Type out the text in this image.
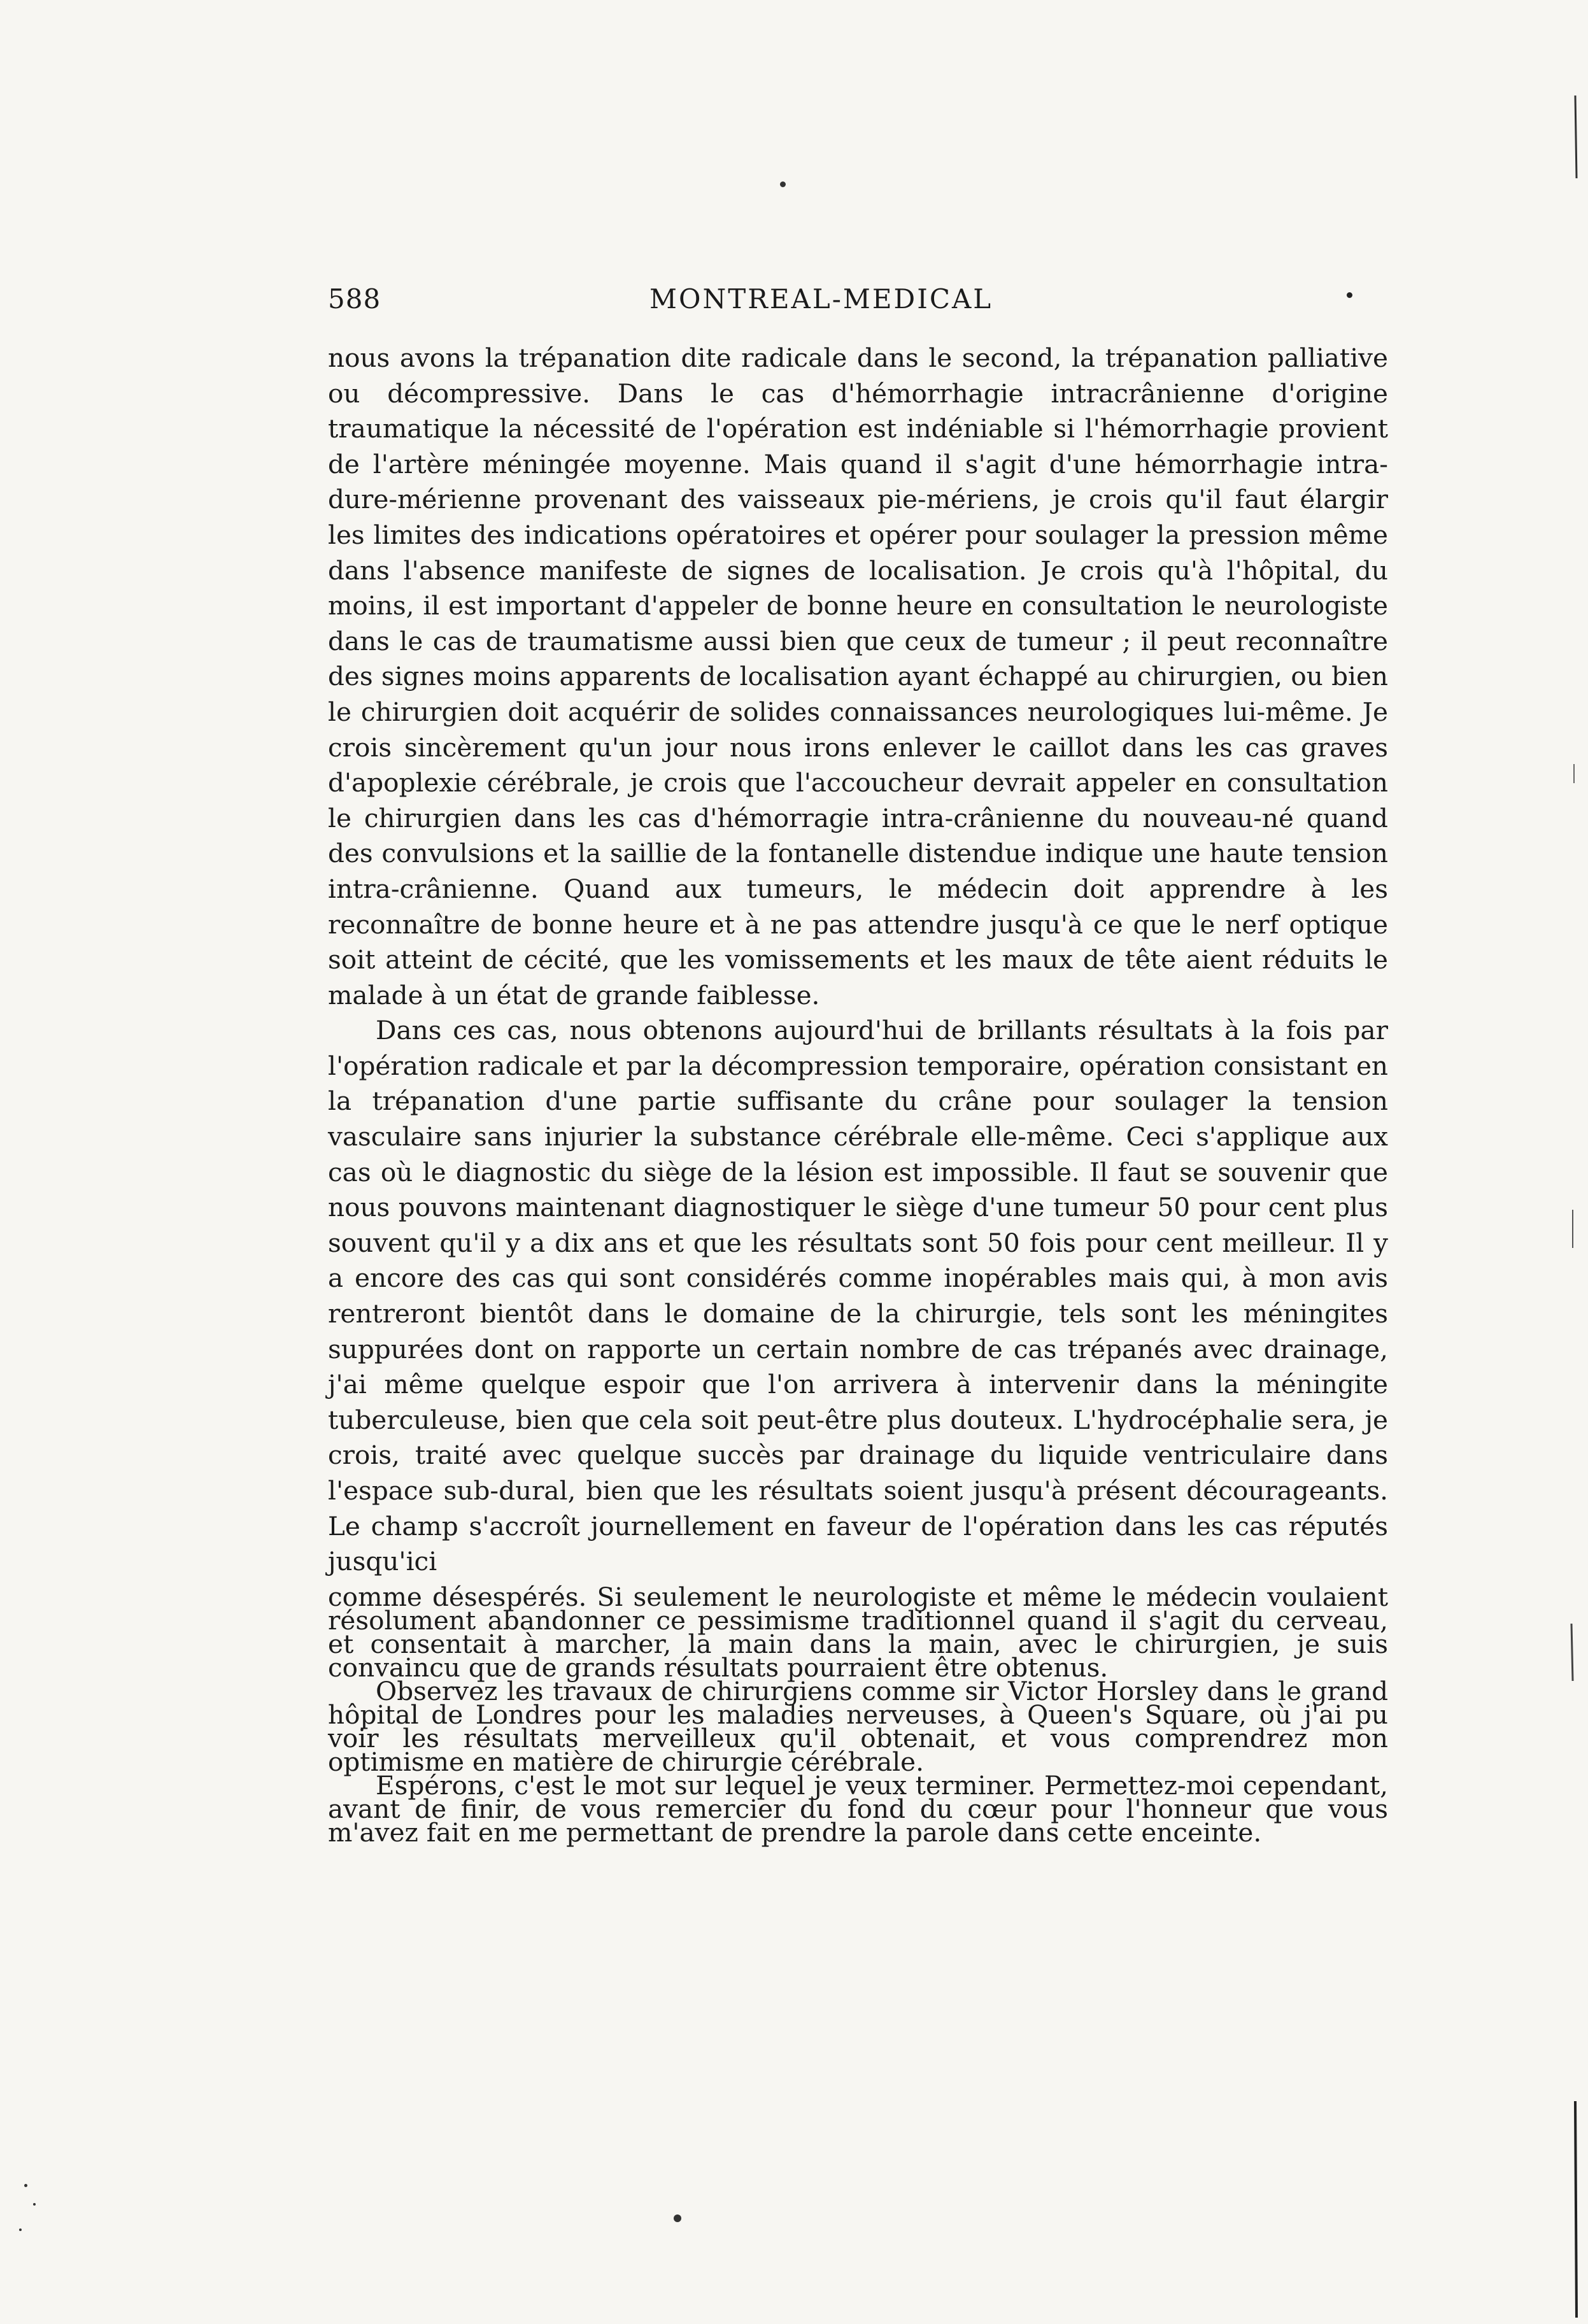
588	MONTREAL-MEDICAL

nous avons la trépanation dite radicale dans le second, la trépanation palliative ou décompressive. Dans le cas d'hémorrhagie intracrânienne d'origine traumatique la nécessité de l'opération est indéniable si l'hémorrhagie provient de l'artère méningée moyenne. Mais quand il s'agit d'une hémorrhagie intra-dure-mérienne provenant des vaisseaux pie-mériens, je crois qu'il faut élargir les limites des indications opératoires et opérer pour soulager la pression même dans l'absence manifeste de signes de localisation. Je crois qu'à l'hôpital, du moins, il est important d'appeler de bonne heure en consultation le neurologiste dans le cas de traumatisme aussi bien que ceux de tumeur ; il peut reconnaître des signes moins apparents de localisation ayant échappé au chirurgien, ou bien le chirurgien doit acquérir de solides connaissances neurologiques lui-même. Je crois sincèrement qu'un jour nous irons enlever le caillot dans les cas graves d'apoplexie cérébrale, je crois que l'accoucheur devrait appeler en consultation le chirurgien dans les cas d'hémorragie intra-crânienne du nouveau-né quand des convulsions et la saillie de la fontanelle distendue indique une haute tension intra-crânienne. Quand aux tumeurs, le médecin doit apprendre à les reconnaître de bonne heure et à ne pas attendre jusqu'à ce que le nerf optique soit atteint de cécité, que les vomissements et les maux de tête aient réduits le malade à un état de grande faiblesse.

Dans ces cas, nous obtenons aujourd'hui de brillants résultats à la fois par l'opération radicale et par la décompression temporaire, opération consistant en la trépanation d'une partie suffisante du crâne pour soulager la tension vasculaire sans injurier la substance cérébrale elle-même. Ceci s'applique aux cas où le diagnostic du siège de la lésion est impossible. Il faut se souvenir que nous pouvons maintenant diagnostiquer le siège d'une tumeur 50 pour cent plus souvent qu'il y a dix ans et que les résultats sont 50 fois pour cent meilleur. Il y a encore des cas qui sont considérés comme inopérables mais qui, à mon avis rentreront bientôt dans le domaine de la chirurgie, tels sont les méningites suppurées dont on rapporte un certain nombre de cas trépanés avec drainage, j'ai même quelque espoir que l'on arrivera à intervenir dans la méningite tuberculeuse, bien que cela soit peut-être plus douteux. L'hydrocéphalie sera, je crois, traité avec quelque succès par drainage du liquide ventriculaire dans l'espace sub-dural, bien que les résultats soient jusqu'à présent décourageants. Le champ s'accroît journellement en faveur de l'opération dans les cas réputés jusqu'ici

comme désespérés. Si seulement le neurologiste et même le médecin voulaient résolument abandonner ce pessimisme traditionnel quand il s'agit du cerveau, et consentait à marcher, la main dans la main, avec le chirurgien, je suis convaincu que de grands résultats pourraient être obtenus.

Observez les travaux de chirurgiens comme sir Victor Horsley dans le grand hôpital de Londres pour les maladies nerveuses, à Queen's Square, où j'ai pu voir les résultats merveilleux qu'il obtenait, et vous comprendrez mon optimisme en matière de chirurgie cérébrale.

Espérons, c'est le mot sur lequel je veux terminer. Permettez-moi cependant, avant de finir, de vous remercier du fond du cœur pour l'honneur que vous m'avez fait en me permettant de prendre la parole dans cette enceinte.
